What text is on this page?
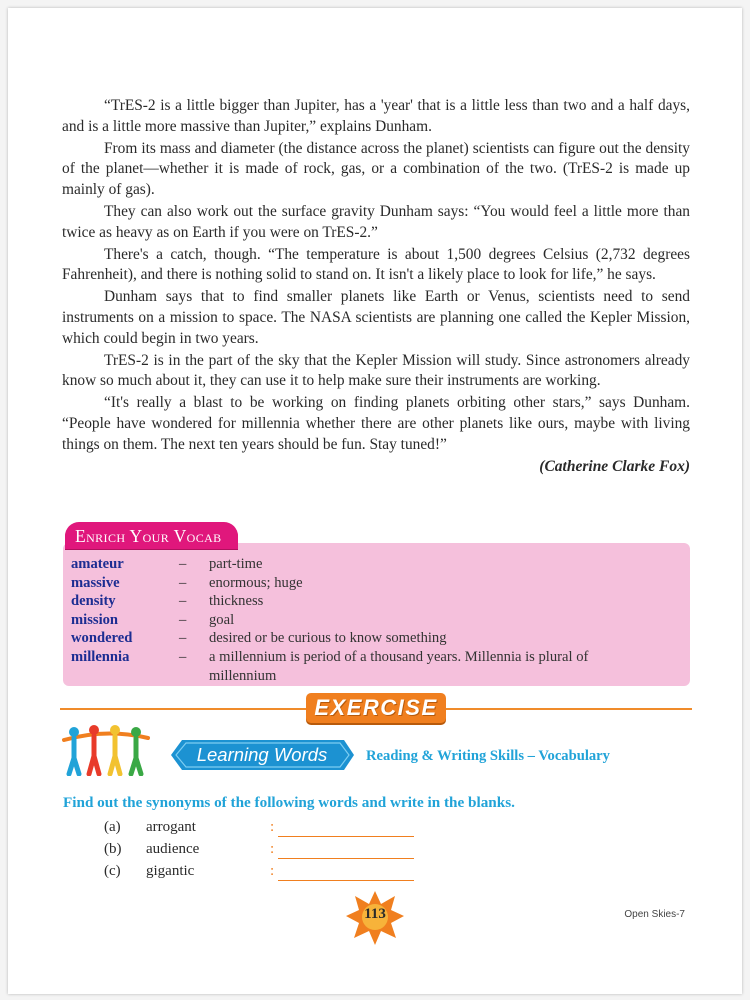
“TrES-2 is a little bigger than Jupiter, has a 'year' that is a little less than two and a half days, and is a little more massive than Jupiter,” explains Dunham.

From its mass and diameter (the distance across the planet) scientists can figure out the density of the planet—whether it is made of rock, gas, or a combination of the two. (TrES-2 is made up mainly of gas).

They can also work out the surface gravity Dunham says: “You would feel a little more than twice as heavy as on Earth if you were on TrES-2.”

There's a catch, though. “The temperature is about 1,500 degrees Celsius (2,732 degrees Fahrenheit), and there is nothing solid to stand on. It isn't a likely place to look for life,” he says.

Dunham says that to find smaller planets like Earth or Venus, scientists need to send instruments on a mission to space. The NASA scientists are planning one called the Kepler Mission, which could begin in two years.

TrES-2 is in the part of the sky that the Kepler Mission will study. Since astronomers already know so much about it, they can use it to help make sure their instruments are working.

“It's really a blast to be working on finding planets orbiting other stars,” says Dunham. “People have wondered for millennia whether there are other planets like ours, maybe with living things on them. The next ten years should be fun. Stay tuned!”

(Catherine Clarke Fox)
Enrich Your Vocab
amateur	–	part-time
massive	–	enormous; huge
density	–	thickness
mission	–	goal
wondered	–	desired or be curious to know something
millennia	–	a millennium is period of a thousand years. Millennia is plural of millennium
EXERCISE
Learning Words	Reading & Writing Skills – Vocabulary
Find out the synonyms of the following words and write in the blanks.
(a)	arrogant	:
(b)	audience	:
(c)	gigantic	:
113	Open Skies-7
